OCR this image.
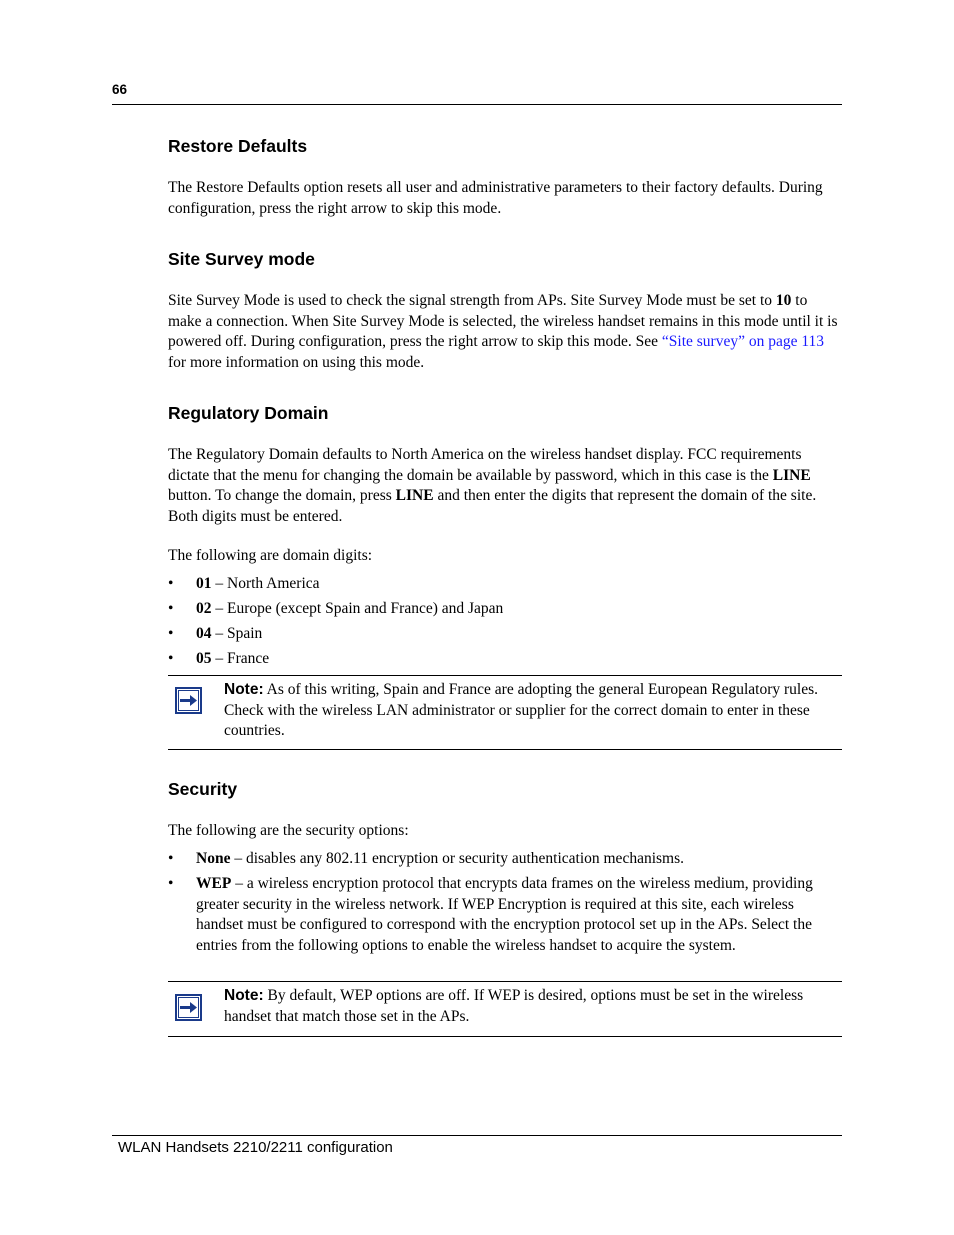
66
Restore Defaults

The Restore Defaults option resets all user and administrative parameters to their factory defaults. During configuration, press the right arrow to skip this mode.

Site Survey mode

Site Survey Mode is used to check the signal strength from APs. Site Survey Mode must be set to 10 to make a connection. When Site Survey Mode is selected, the wireless handset remains in this mode until it is powered off. During configuration, press the right arrow to skip this mode. See “Site survey” on page 113 for more information on using this mode.

Regulatory Domain

The Regulatory Domain defaults to North America on the wireless handset display. FCC requirements dictate that the menu for changing the domain be available by password, which in this case is the LINE button. To change the domain, press LINE and then enter the digits that represent the domain of the site. Both digits must be entered.

The following are domain digits:

• 01 – North America
• 02 – Europe (except Spain and France) and Japan
• 04 – Spain
• 05 – France
Note: As of this writing, Spain and France are adopting the general European Regulatory rules. Check with the wireless LAN administrator or supplier for the correct domain to enter in these countries.
Security

The following are the security options:

• None – disables any 802.11 encryption or security authentication mechanisms.
• WEP – a wireless encryption protocol that encrypts data frames on the wireless medium, providing greater security in the wireless network. If WEP Encryption is required at this site, each wireless handset must be configured to correspond with the encryption protocol set up in the APs. Select the entries from the following options to enable the wireless handset to acquire the system.
Note: By default, WEP options are off. If WEP is desired, options must be set in the wireless handset that match those set in the APs.
WLAN Handsets 2210/2211 configuration
